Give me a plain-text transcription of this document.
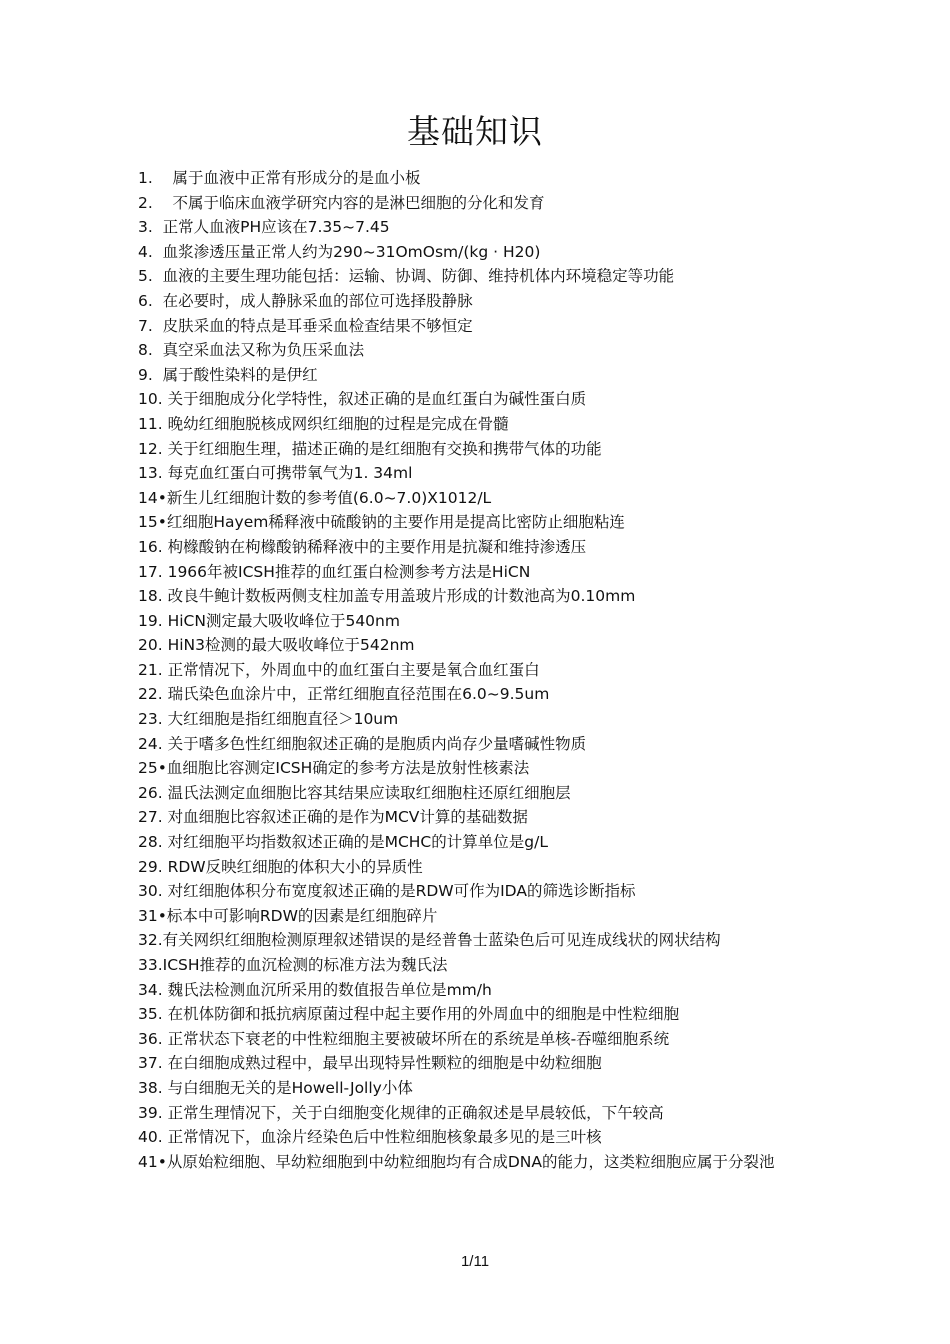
基础知识
1.    属于血液中正常有形成分的是血小板
2.    不属于临床血液学研究内容的是淋巴细胞的分化和发育
3.  正常人血液PH应该在7.35~7.45
4.  血浆渗透压量正常人约为290~31OmOsm/(kg · H20)
5.  血液的主要生理功能包括：运输、协调、防御、维持机体内环境稳定等功能
6.  在必要时，成人静脉采血的部位可选择股静脉
7.  皮肤采血的特点是耳垂采血检查结果不够恒定
8.  真空采血法又称为负压采血法
9.  属于酸性染料的是伊红
10. 关于细胞成分化学特性，叙述正确的是血红蛋白为碱性蛋白质
11. 晚幼红细胞脱核成网织红细胞的过程是完成在骨髓
12. 关于红细胞生理，描述正确的是红细胞有交换和携带气体的功能
13. 每克血红蛋白可携带氧气为1. 34ml
14•新生儿红细胞计数的参考值(6.0~7.0)X1012/L
15•红细胞Hayem稀释液中硫酸钠的主要作用是提高比密防止细胞粘连
16. 枸橼酸钠在枸橼酸钠稀释液中的主要作用是抗凝和维持渗透压
17. 1966年被ICSH推荐的血红蛋白检测参考方法是HiCN
18. 改良牛鲍计数板两侧支柱加盖专用盖玻片形成的计数池高为0.10mm
19. HiCN测定最大吸收峰位于540nm
20. HiN3检测的最大吸收峰位于542nm
21. 正常情况下，外周血中的血红蛋白主要是氧合血红蛋白
22. 瑞氏染色血涂片中，正常红细胞直径范围在6.0~9.5um
23. 大红细胞是指红细胞直径＞10um
24. 关于嗜多色性红细胞叙述正确的是胞质内尚存少量嗜碱性物质
25•血细胞比容测定ICSH确定的参考方法是放射性核素法
26. 温氏法测定血细胞比容其结果应读取红细胞柱还原红细胞层
27. 对血细胞比容叙述正确的是作为MCV计算的基础数据
28. 对红细胞平均指数叙述正确的是MCHC的计算单位是g/L
29. RDW反映红细胞的体积大小的异质性
30. 对红细胞体积分布宽度叙述正确的是RDW可作为IDA的筛选诊断指标
31•标本中可影响RDW的因素是红细胞碎片
32.有关网织红细胞检测原理叙述错误的是经普鲁士蓝染色后可见连成线状的网状结构
33.ICSH推荐的血沉检测的标准方法为魏氏法
34. 魏氏法检测血沉所采用的数值报告单位是mm/h
35. 在机体防御和抵抗病原菌过程中起主要作用的外周血中的细胞是中性粒细胞
36. 正常状态下衰老的中性粒细胞主要被破坏所在的系统是单核-吞噬细胞系统
37. 在白细胞成熟过程中，最早出现特异性颗粒的细胞是中幼粒细胞
38. 与白细胞无关的是Howell-Jolly小体
39. 正常生理情况下，关于白细胞变化规律的正确叙述是早晨较低，下午较高
40. 正常情况下，血涂片经染色后中性粒细胞核象最多见的是三叶核
41•从原始粒细胞、早幼粒细胞到中幼粒细胞均有合成DNA的能力，这类粒细胞应属于分裂池
1/11
